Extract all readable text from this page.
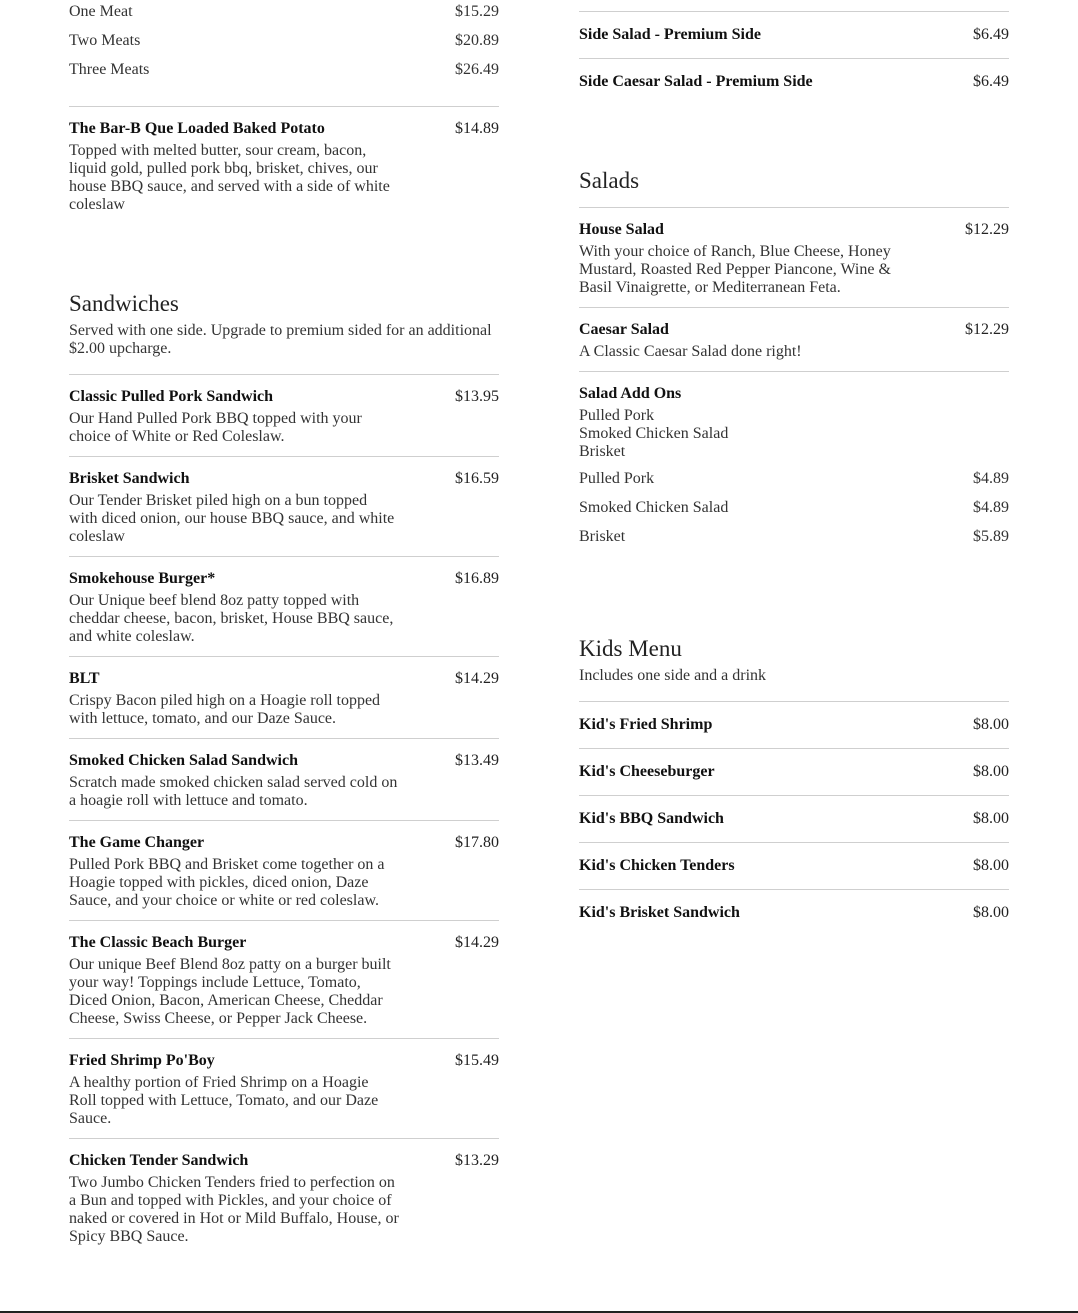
One Meat	$15.29
Two Meats	$20.89
Three Meats	$26.49
The Bar-B Que Loaded Baked Potato	$14.89
Topped with melted butter, sour cream, bacon, liquid gold, pulled pork bbq, brisket, chives, our house BBQ sauce, and served with a side of white coleslaw
Sandwiches
Served with one side. Upgrade to premium sided for an additional $2.00 upcharge.
Classic Pulled Pork Sandwich	$13.95
Our Hand Pulled Pork BBQ topped with your choice of White or Red Coleslaw.
Brisket Sandwich	$16.59
Our Tender Brisket piled high on a bun topped with diced onion, our house BBQ sauce, and white coleslaw
Smokehouse Burger*	$16.89
Our Unique beef blend 8oz patty topped with cheddar cheese, bacon, brisket, House BBQ sauce, and white coleslaw.
BLT	$14.29
Crispy Bacon piled high on a Hoagie roll topped with lettuce, tomato, and our Daze Sauce.
Smoked Chicken Salad Sandwich	$13.49
Scratch made smoked chicken salad served cold on a hoagie roll with lettuce and tomato.
The Game Changer	$17.80
Pulled Pork BBQ and Brisket come together on a Hoagie topped with pickles, diced onion, Daze Sauce, and your choice or white or red coleslaw.
The Classic Beach Burger	$14.29
Our unique Beef Blend 8oz patty on a burger built your way! Toppings include Lettuce, Tomato, Diced Onion, Bacon, American Cheese, Cheddar Cheese, Swiss Cheese, or Pepper Jack Cheese.
Fried Shrimp Po'Boy	$15.49
A healthy portion of Fried Shrimp on a Hoagie Roll topped with Lettuce, Tomato, and our Daze Sauce.
Chicken Tender Sandwich	$13.29
Two Jumbo Chicken Tenders fried to perfection on a Bun and topped with Pickles, and your choice of naked or covered in Hot or Mild Buffalo, House, or Spicy BBQ Sauce.
Side Salad - Premium Side	$6.49
Side Caesar Salad - Premium Side	$6.49
Salads
House Salad	$12.29
With your choice of Ranch, Blue Cheese, Honey Mustard, Roasted Red Pepper Piancone, Wine & Basil Vinaigrette, or Mediterranean Feta.
Caesar Salad	$12.29
A Classic Caesar Salad done right!
Salad Add Ons
Pulled Pork
Smoked Chicken Salad
Brisket
Pulled Pork	$4.89
Smoked Chicken Salad	$4.89
Brisket	$5.89
Kids Menu
Includes one side and a drink
Kid's Fried Shrimp	$8.00
Kid's Cheeseburger	$8.00
Kid's BBQ Sandwich	$8.00
Kid's Chicken Tenders	$8.00
Kid's Brisket Sandwich	$8.00
